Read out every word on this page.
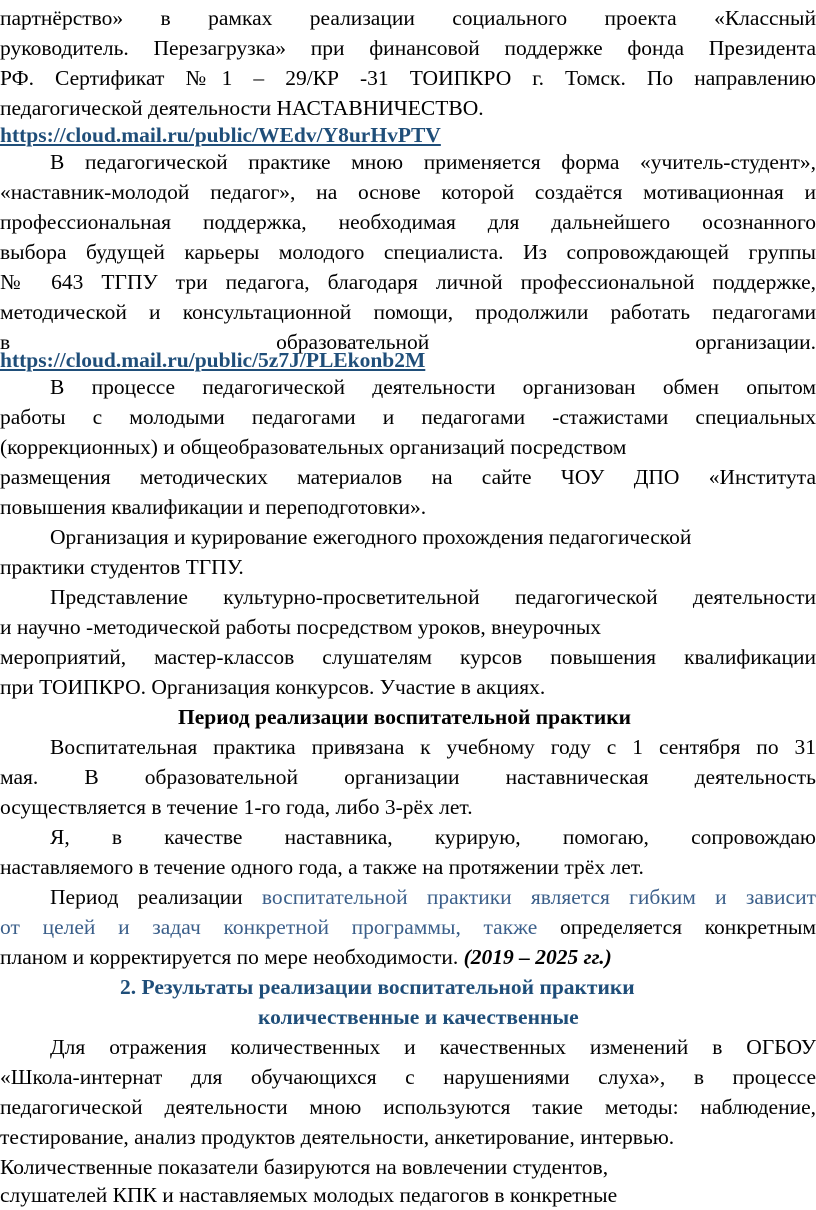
партнёрство» в рамках реализации социального проекта «Классный
руководитель. Перезагрузка» при финансовой поддержке фонда Президента
РФ. Сертификат №1 – 29/КР -31 ТОИПКРО г. Томск. По направлению
педагогической деятельности НАСТАВНИЧЕСТВО.
https://cloud.mail.ru/public/WEdv/Y8urHvPTV
В педагогической практике мною применяется форма «учитель-студент»,
«наставник-молодой педагог», на основе которой создаётся мотивационная и
профессиональная поддержка, необходимая для дальнейшего осознанного
выбора будущей карьеры молодого специалиста. Из сопровождающей группы
№ 643 ТГПУ три педагога, благодаря личной профессиональной поддержке,
методической и консультационной помощи, продолжили работать педагогами
в образовательной организации.
https://cloud.mail.ru/public/5z7J/PLEkonb2M
В процессе педагогической деятельности организован обмен опытом
работы с молодыми педагогами и педагогами -стажистами специальных
(коррекционных) и общеобразовательных организаций посредством
размещения методических материалов на сайте ЧОУ ДПО «Института
повышения квалификации и переподготовки».
Организация и курирование ежегодного прохождения педагогической
практики студентов ТГПУ.
Представление культурно-просветительной педагогической деятельности
и научно -методической работы посредством уроков, внеурочных
мероприятий, мастер-классов слушателям курсов повышения квалификации
при ТОИПКРО. Организация конкурсов. Участие в акциях.
Период реализации воспитательной практики
Воспитательная практика привязана к учебному году с 1 сентября по 31
мая. В образовательной организации наставническая деятельность
осуществляется в течение 1-го года, либо 3-рёх лет.
Я, в качестве наставника, курирую, помогаю, сопровождаю
наставляемого в течение одного года, а также на протяжении трёх лет.
Период реализации воспитательной практики является гибким и зависит
от целей и задач конкретной программы, также определяется конкретным
планом и корректируется по мере необходимости. (2019 – 2025 гг.)
2. Результаты реализации воспитательной практики
количественные и качественные
Для отражения количественных и качественных изменений в ОГБОУ
«Школа-интернат для обучающихся с нарушениями слуха», в процессе
педагогической деятельности мною используются такие методы: наблюдение,
тестирование, анализ продуктов деятельности, анкетирование, интервью.
Количественные показатели базируются на вовлечении студентов,
слушателей КПК и наставляемых молодых педагогов в конкретные
